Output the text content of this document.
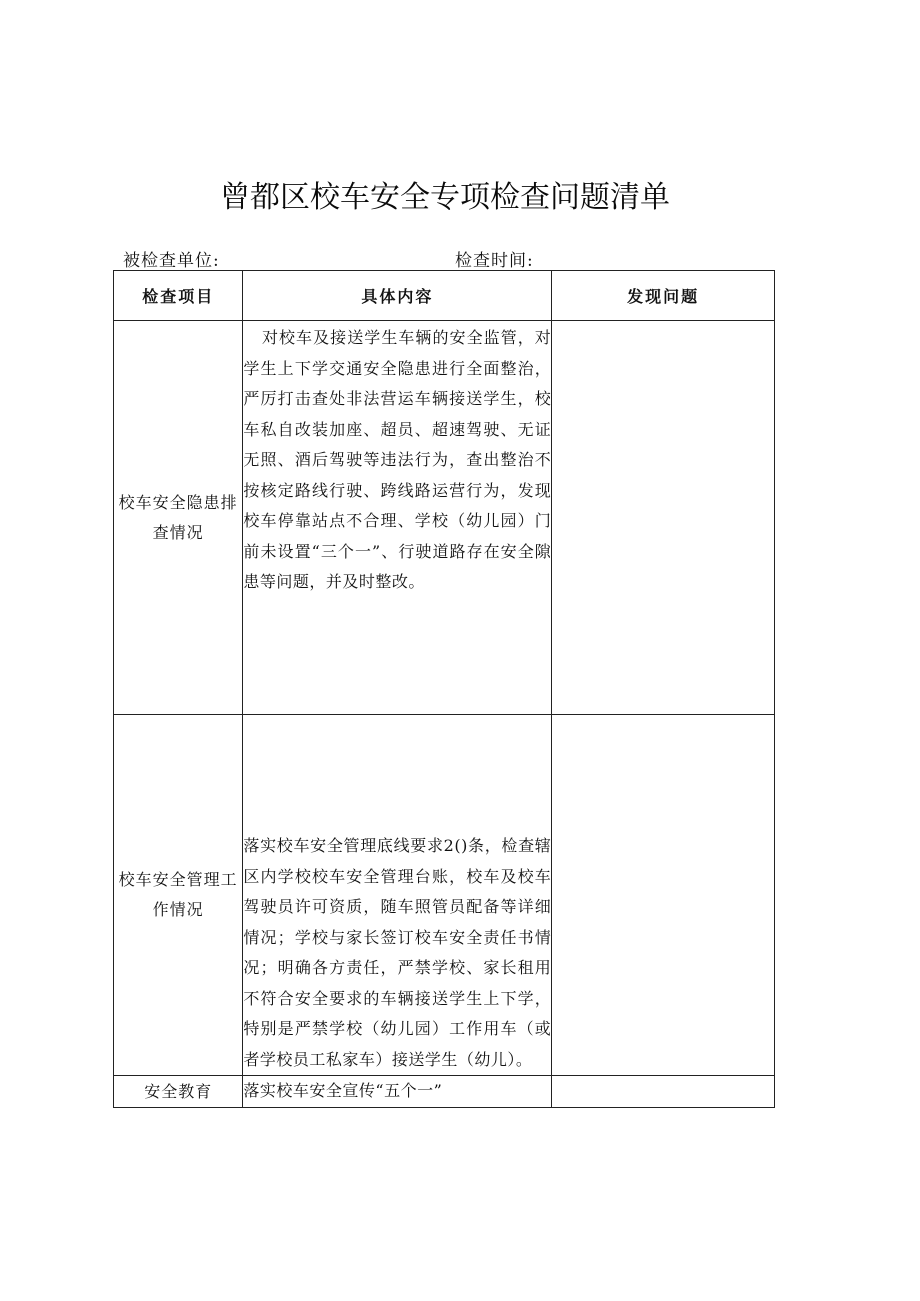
曾都区校车安全专项检查问题清单
被检查单位:	检查时间:
检查项目	具体内容	发现问题
校车安全隐患排查情况	对校车及接送学生车辆的安全监管，对学生上下学交通安全隐患进行全面整治，严厉打击查处非法营运车辆接送学生，校车私自改装加座、超员、超速驾驶、无证无照、酒后驾驶等违法行为，查出整治不按核定路线行驶、跨线路运营行为，发现校车停靠站点不合理、学校（幼儿园）门前未设置“三个一”、行驶道路存在安全隙患等问题，并及时整改。	
校车安全管理工作情况	落实校车安全管理底线要求2()条，检查辖区内学校校车安全管理台账，校车及校车驾驶员许可资质，随车照管员配备等详细情况；学校与家长签订校车安全责任书情况；明确各方责任，严禁学校、家长租用不符合安全要求的车辆接送学生上下学，特别是严禁学校（幼儿园）工作用车（或者学校员工私家车）接送学生（幼儿）。	
安全教育	落实校车安全宣传“五个一”	
